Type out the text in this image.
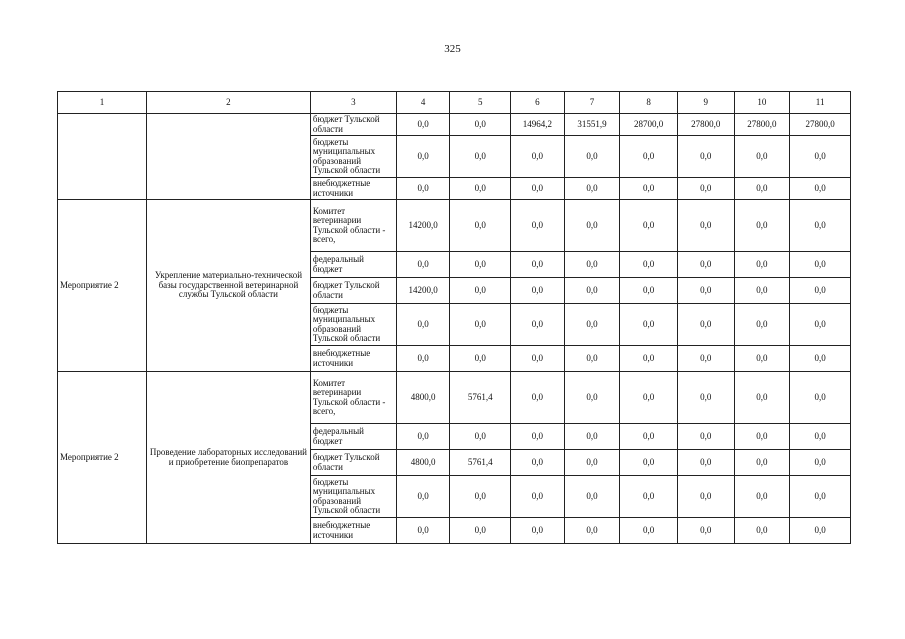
325
1	2	3	4	5	6	7	8	9	10	11
		бюджет Тульской области	0,0	0,0	14964,2	31551,9	28700,0	27800,0	27800,0	27800,0
		бюджеты муниципальных образований Тульской области	0,0	0,0	0,0	0,0	0,0	0,0	0,0	0,0
		внебюджетные источники	0,0	0,0	0,0	0,0	0,0	0,0	0,0	0,0
Мероприятие 2	Укрепление материально-технической базы государственной ветеринарной службы Тульской области	Комитет ветеринарии Тульской области - всего,	14200,0	0,0	0,0	0,0	0,0	0,0	0,0	0,0
		федеральный бюджет	0,0	0,0	0,0	0,0	0,0	0,0	0,0	0,0
		бюджет Тульской области	14200,0	0,0	0,0	0,0	0,0	0,0	0,0	0,0
		бюджеты муниципальных образований Тульской области	0,0	0,0	0,0	0,0	0,0	0,0	0,0	0,0
		внебюджетные источники	0,0	0,0	0,0	0,0	0,0	0,0	0,0	0,0
Мероприятие 2	Проведение лабораторных исследований и приобретение биопрепаратов	Комитет ветеринарии Тульской области - всего,	4800,0	5761,4	0,0	0,0	0,0	0,0	0,0	0,0
		федеральный бюджет	0,0	0,0	0,0	0,0	0,0	0,0	0,0	0,0
		бюджет Тульской области	4800,0	5761,4	0,0	0,0	0,0	0,0	0,0	0,0
		бюджеты муниципальных образований Тульской области	0,0	0,0	0,0	0,0	0,0	0,0	0,0	0,0
		внебюджетные источники	0,0	0,0	0,0	0,0	0,0	0,0	0,0	0,0
